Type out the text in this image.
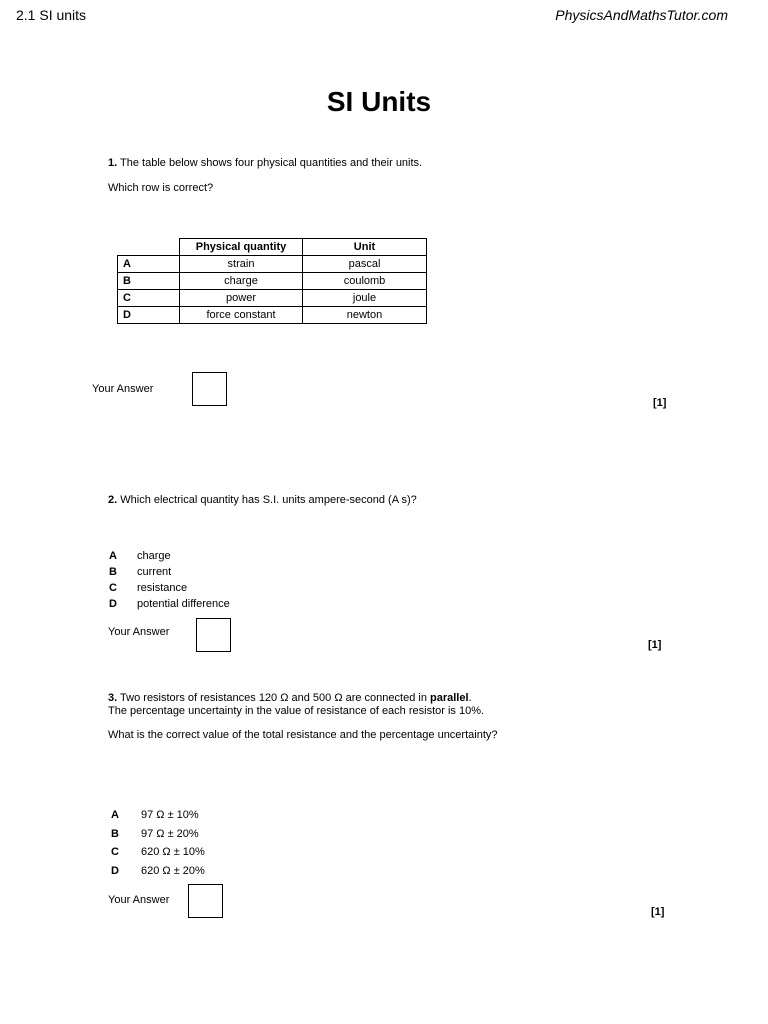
2.1 SI units	PhysicsAndMathsTutor.com
SI Units
1. The table below shows four physical quantities and their units.
Which row is correct?
	Physical quantity	Unit
A	strain	pascal
B	charge	coulomb
C	power	joule
D	force constant	newton
Your Answer
[1]
2. Which electrical quantity has S.I. units ampere-second (A s)?
A	charge
B	current
C	resistance
D	potential difference
Your Answer
[1]
3. Two resistors of resistances 120 Ω and 500 Ω are connected in parallel.
The percentage uncertainty in the value of resistance of each resistor is 10%.
What is the correct value of the total resistance and the percentage uncertainty?
A	97 Ω ± 10%
B	97 Ω ± 20%
C	620 Ω ± 10%
D	620 Ω ± 20%
Your Answer
[1]
